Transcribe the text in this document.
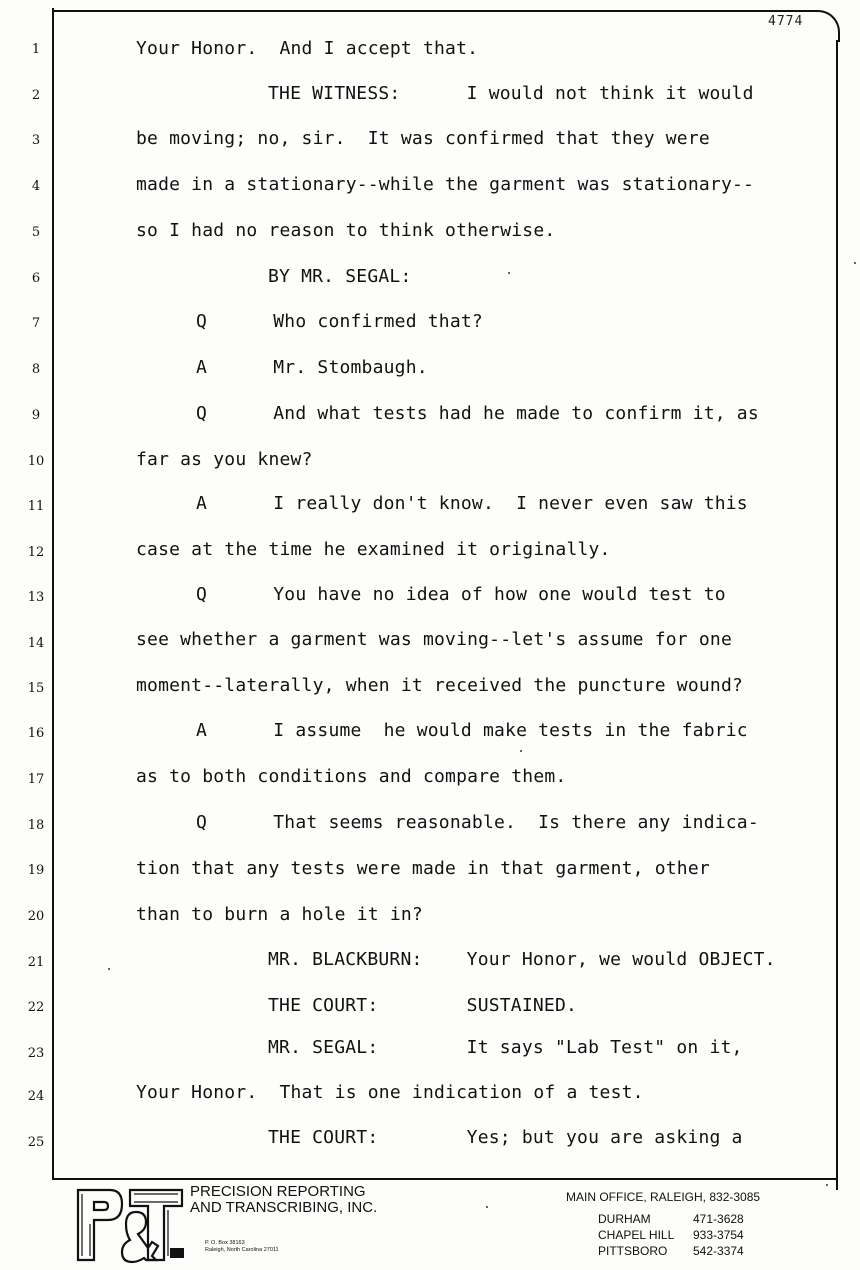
4774
1
2
3
4
5
6
7
8
9
10
11
12
13
14
15
16
17
18
19
20
21
22
23
24
25
Your Honor.  And I accept that.
THE WITNESS:      I would not think it would
be moving; no, sir.  It was confirmed that they were
made in a stationary--while the garment was stationary--
so I had no reason to think otherwise.
BY MR. SEGAL:
Q      Who confirmed that?
A      Mr. Stombaugh.
Q      And what tests had he made to confirm it, as
far as you knew?
A      I really don't know.  I never even saw this
case at the time he examined it originally.
Q      You have no idea of how one would test to
see whether a garment was moving--let's assume for one
moment--laterally, when it received the puncture wound?
A      I assume  he would make tests in the fabric
as to both conditions and compare them.
Q      That seems reasonable.  Is there any indica-
tion that any tests were made in that garment, other
than to burn a hole it in?
MR. BLACKBURN:    Your Honor, we would OBJECT.
THE COURT:        SUSTAINED.
MR. SEGAL:        It says "Lab Test" on it,
Your Honor.  That is one indication of a test.
THE COURT:        Yes; but you are asking a
PRECISION REPORTING
AND TRANSCRIBING, INC.
P. O. Box 38163
Raleigh, North Carolina 27011
MAIN OFFICE, RALEIGH, 832-3085
DURHAM	471-3628
CHAPEL HILL 933-3754
PITTSBORO 542-3374
